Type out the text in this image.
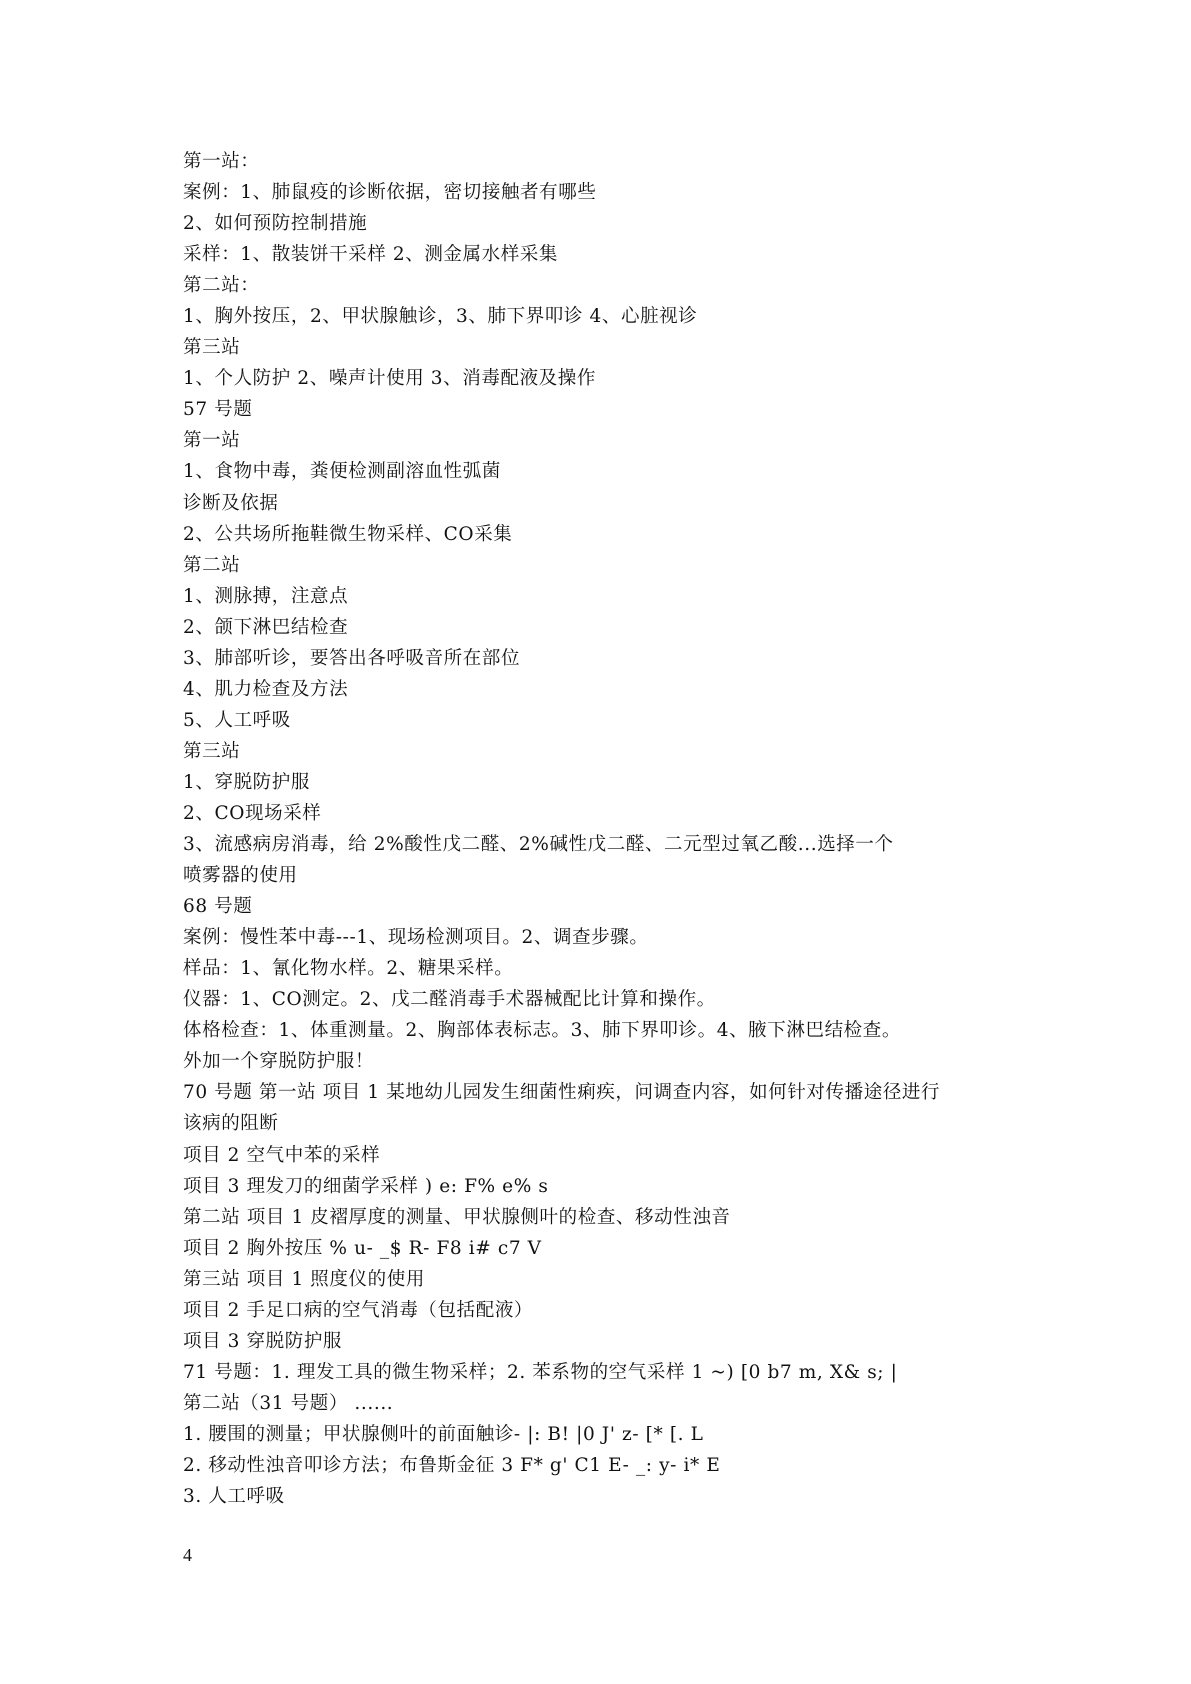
第一站：
案例：1、肺鼠疫的诊断依据，密切接触者有哪些
2、如何预防控制措施
采样：1、散装饼干采样 2、测金属水样采集
第二站：
1、胸外按压，2、甲状腺触诊，3、肺下界叩诊 4、心脏视诊
第三站
1、个人防护 2、噪声计使用 3、消毒配液及操作
57 号题
第一站
1、食物中毒，粪便检测副溶血性弧菌
诊断及依据
2、公共场所拖鞋微生物采样、CO采集
第二站
1、测脉搏，注意点
2、颌下淋巴结检查
3、肺部听诊，要答出各呼吸音所在部位
4、肌力检查及方法
5、人工呼吸
第三站
1、穿脱防护服
2、CO现场采样
3、流感病房消毒，给 2%酸性戊二醛、2%碱性戊二醛、二元型过氧乙酸...选择一个
喷雾器的使用
68 号题
案例：慢性苯中毒---1、现场检测项目。2、调查步骤。
样品：1、氰化物水样。2、糖果采样。
仪器：1、CO测定。2、戊二醛消毒手术器械配比计算和操作。
体格检查：1、体重测量。2、胸部体表标志。3、肺下界叩诊。4、腋下淋巴结检查。
外加一个穿脱防护服！
70 号题 第一站 项目 1 某地幼儿园发生细菌性痢疾，问调查内容，如何针对传播途径进行
该病的阻断
项目 2 空气中苯的采样
项目 3 理发刀的细菌学采样 ) e: F% e% s
第二站 项目 1 皮褶厚度的测量、甲状腺侧叶的检查、移动性浊音
项目 2 胸外按压 % u- _$ R- F8 i# c7 V
第三站 项目 1 照度仪的使用
项目 2 手足口病的空气消毒（包括配液）
项目 3 穿脱防护服
71 号题：1. 理发工具的微生物采样；2. 苯系物的空气采样 1 ~) [0 b7 m, X& s; |
第二站（31 号题） ......
1. 腰围的测量；甲状腺侧叶的前面触诊- |: B! |0 J' z- [* [. L
2. 移动性浊音叩诊方法；布鲁斯金征 3 F* g' C1 E- _: y- i* E
3. 人工呼吸
4
